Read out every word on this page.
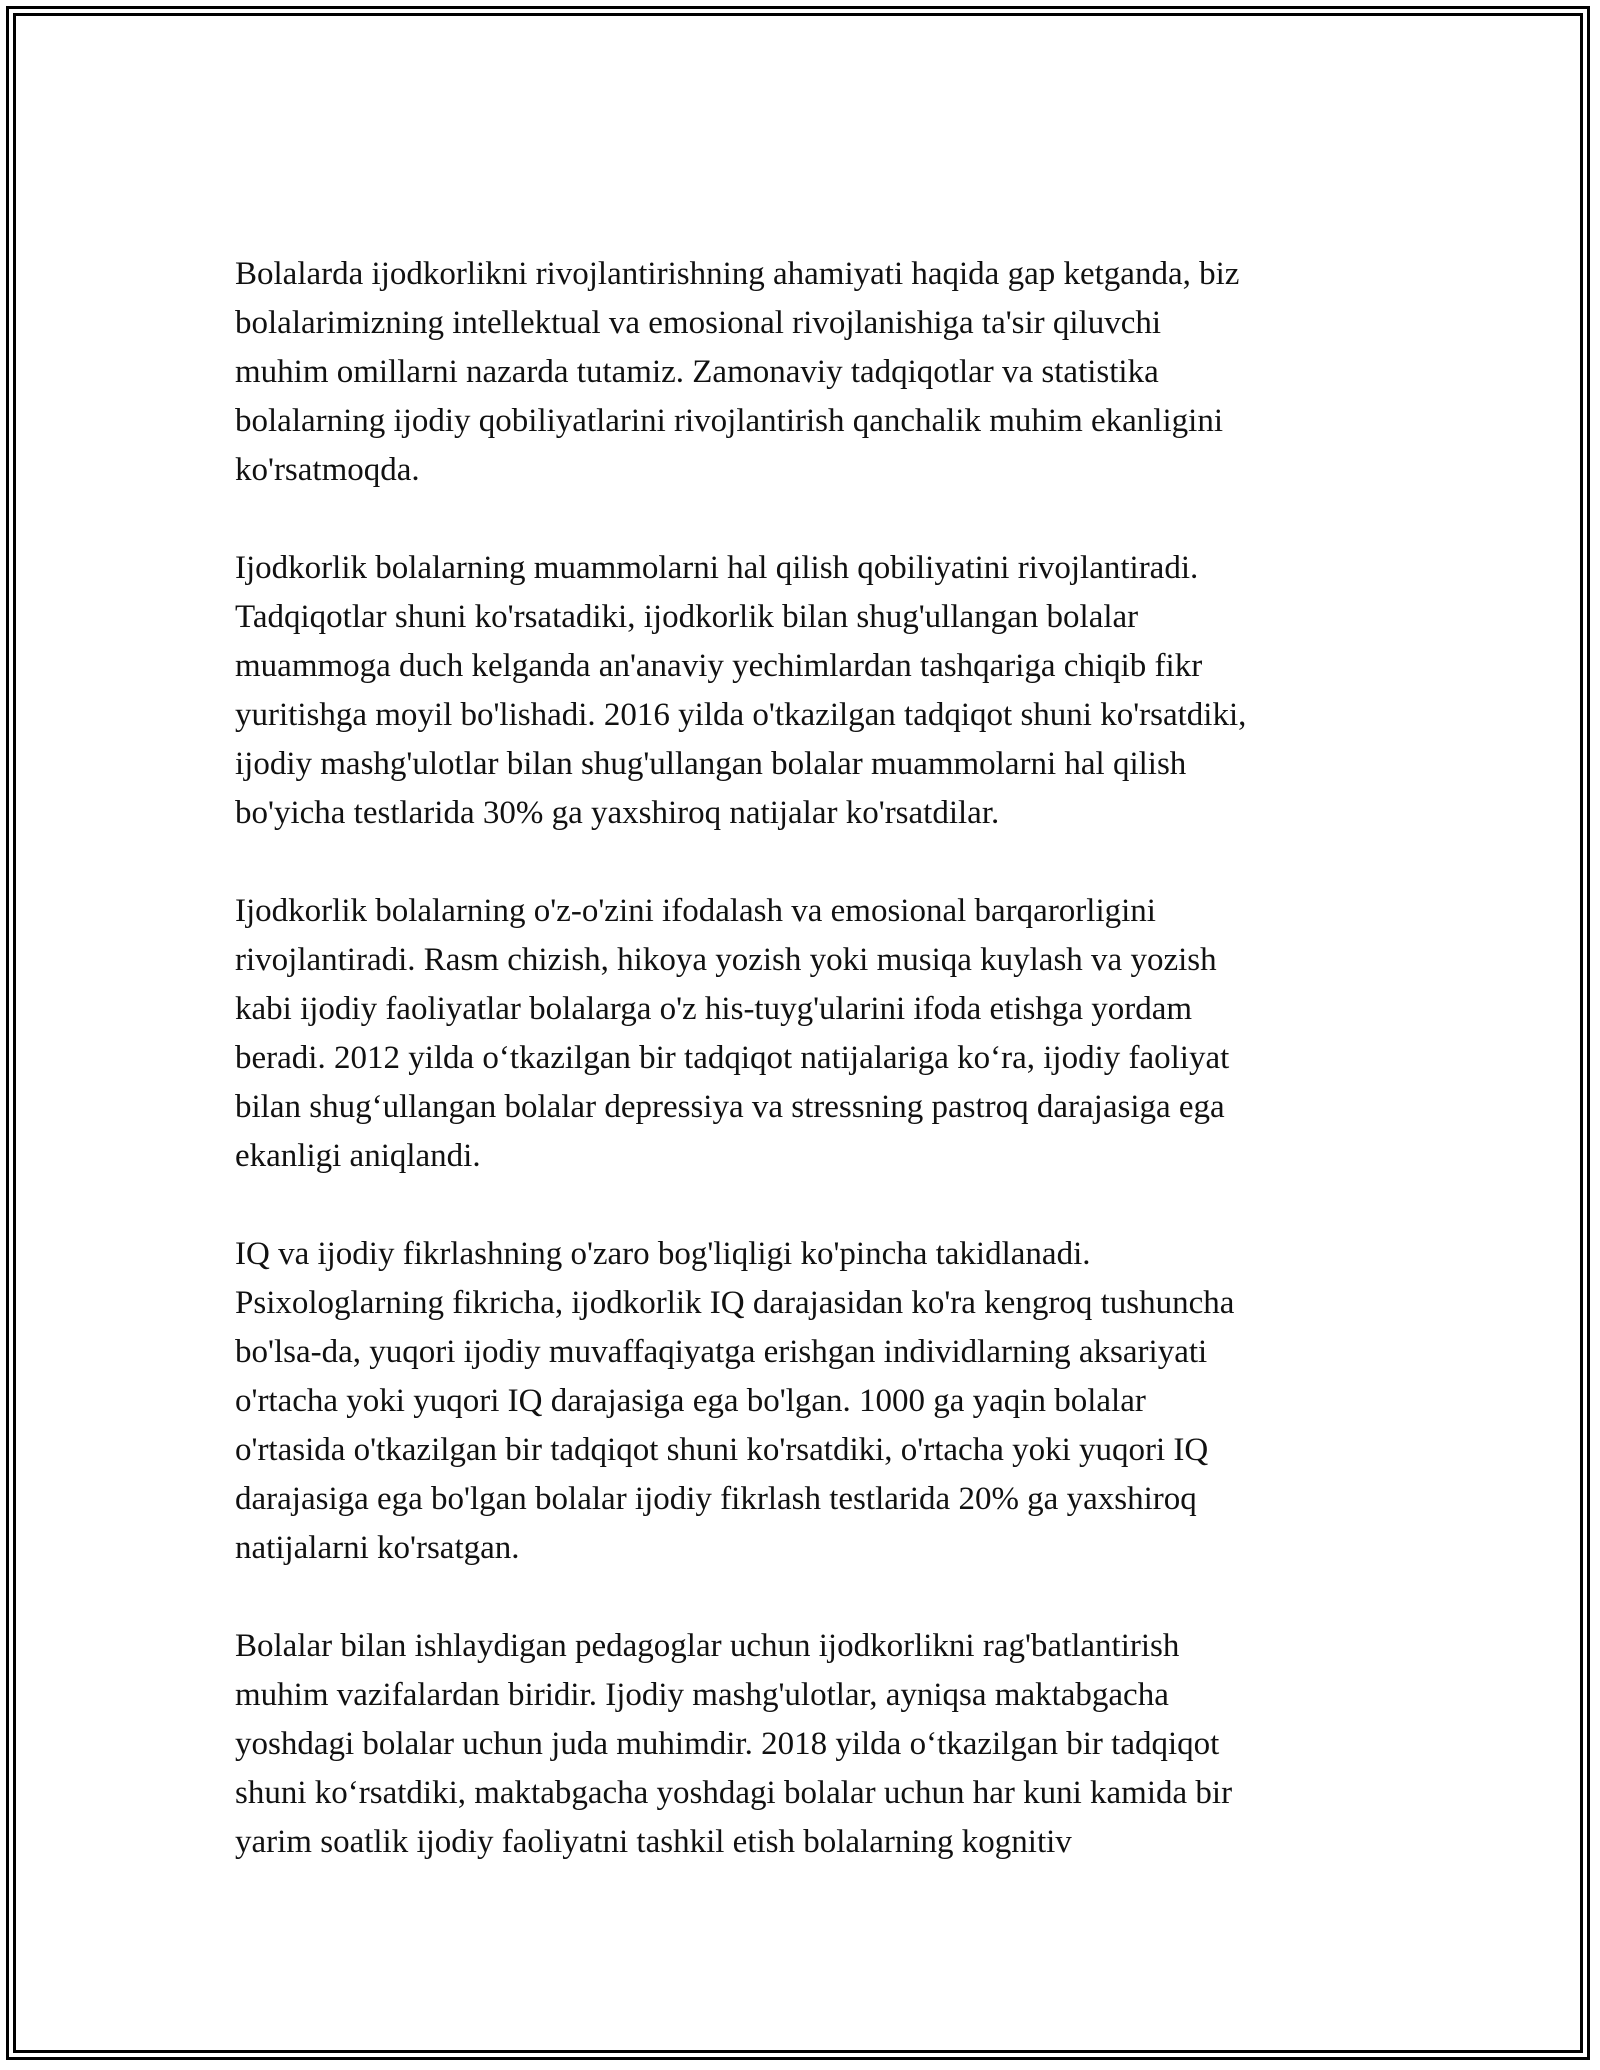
Bolalarda ijodkorlikni rivojlantirishning ahamiyati haqida gap ketganda, biz
bolalarimizning intellektual va emosional rivojlanishiga ta'sir qiluvchi
muhim omillarni nazarda tutamiz. Zamonaviy tadqiqotlar va statistika
bolalarning ijodiy qobiliyatlarini rivojlantirish qanchalik muhim ekanligini
ko'rsatmoqda.

Ijodkorlik bolalarning muammolarni hal qilish qobiliyatini rivojlantiradi.
Tadqiqotlar shuni ko'rsatadiki, ijodkorlik bilan shug'ullangan bolalar
muammoga duch kelganda an'anaviy yechimlardan tashqariga chiqib fikr
yuritishga moyil bo'lishadi. 2016 yilda o'tkazilgan tadqiqot shuni ko'rsatdiki,
ijodiy mashg'ulotlar bilan shug'ullangan bolalar muammolarni hal qilish
bo'yicha testlarida 30% ga yaxshiroq natijalar ko'rsatdilar.

Ijodkorlik bolalarning o'z-o'zini ifodalash va emosional barqarorligini
rivojlantiradi. Rasm chizish, hikoya yozish yoki musiqa kuylash va yozish
kabi ijodiy faoliyatlar bolalarga o'z his-tuyg'ularini ifoda etishga yordam
beradi. 2012 yilda o‘tkazilgan bir tadqiqot natijalariga ko‘ra, ijodiy faoliyat
bilan shug‘ullangan bolalar depressiya va stressning pastroq darajasiga ega
ekanligi aniqlandi.

IQ va ijodiy fikrlashning o'zaro bog'liqligi ko'pincha takidlanadi.
Psixologlarning fikricha, ijodkorlik IQ darajasidan ko'ra kengroq tushuncha
bo'lsa-da, yuqori ijodiy muvaffaqiyatga erishgan individlarning aksariyati
o'rtacha yoki yuqori IQ darajasiga ega bo'lgan. 1000 ga yaqin bolalar
o'rtasida o'tkazilgan bir tadqiqot shuni ko'rsatdiki, o'rtacha yoki yuqori IQ
darajasiga ega bo'lgan bolalar ijodiy fikrlash testlarida 20% ga yaxshiroq
natijalarni ko'rsatgan.

Bolalar bilan ishlaydigan pedagoglar uchun ijodkorlikni rag'batlantirish
muhim vazifalardan biridir. Ijodiy mashg'ulotlar, ayniqsa maktabgacha
yoshdagi bolalar uchun juda muhimdir. 2018 yilda o‘tkazilgan bir tadqiqot
shuni ko‘rsatdiki, maktabgacha yoshdagi bolalar uchun har kuni kamida bir
yarim soatlik ijodiy faoliyatni tashkil etish bolalarning kognitiv
